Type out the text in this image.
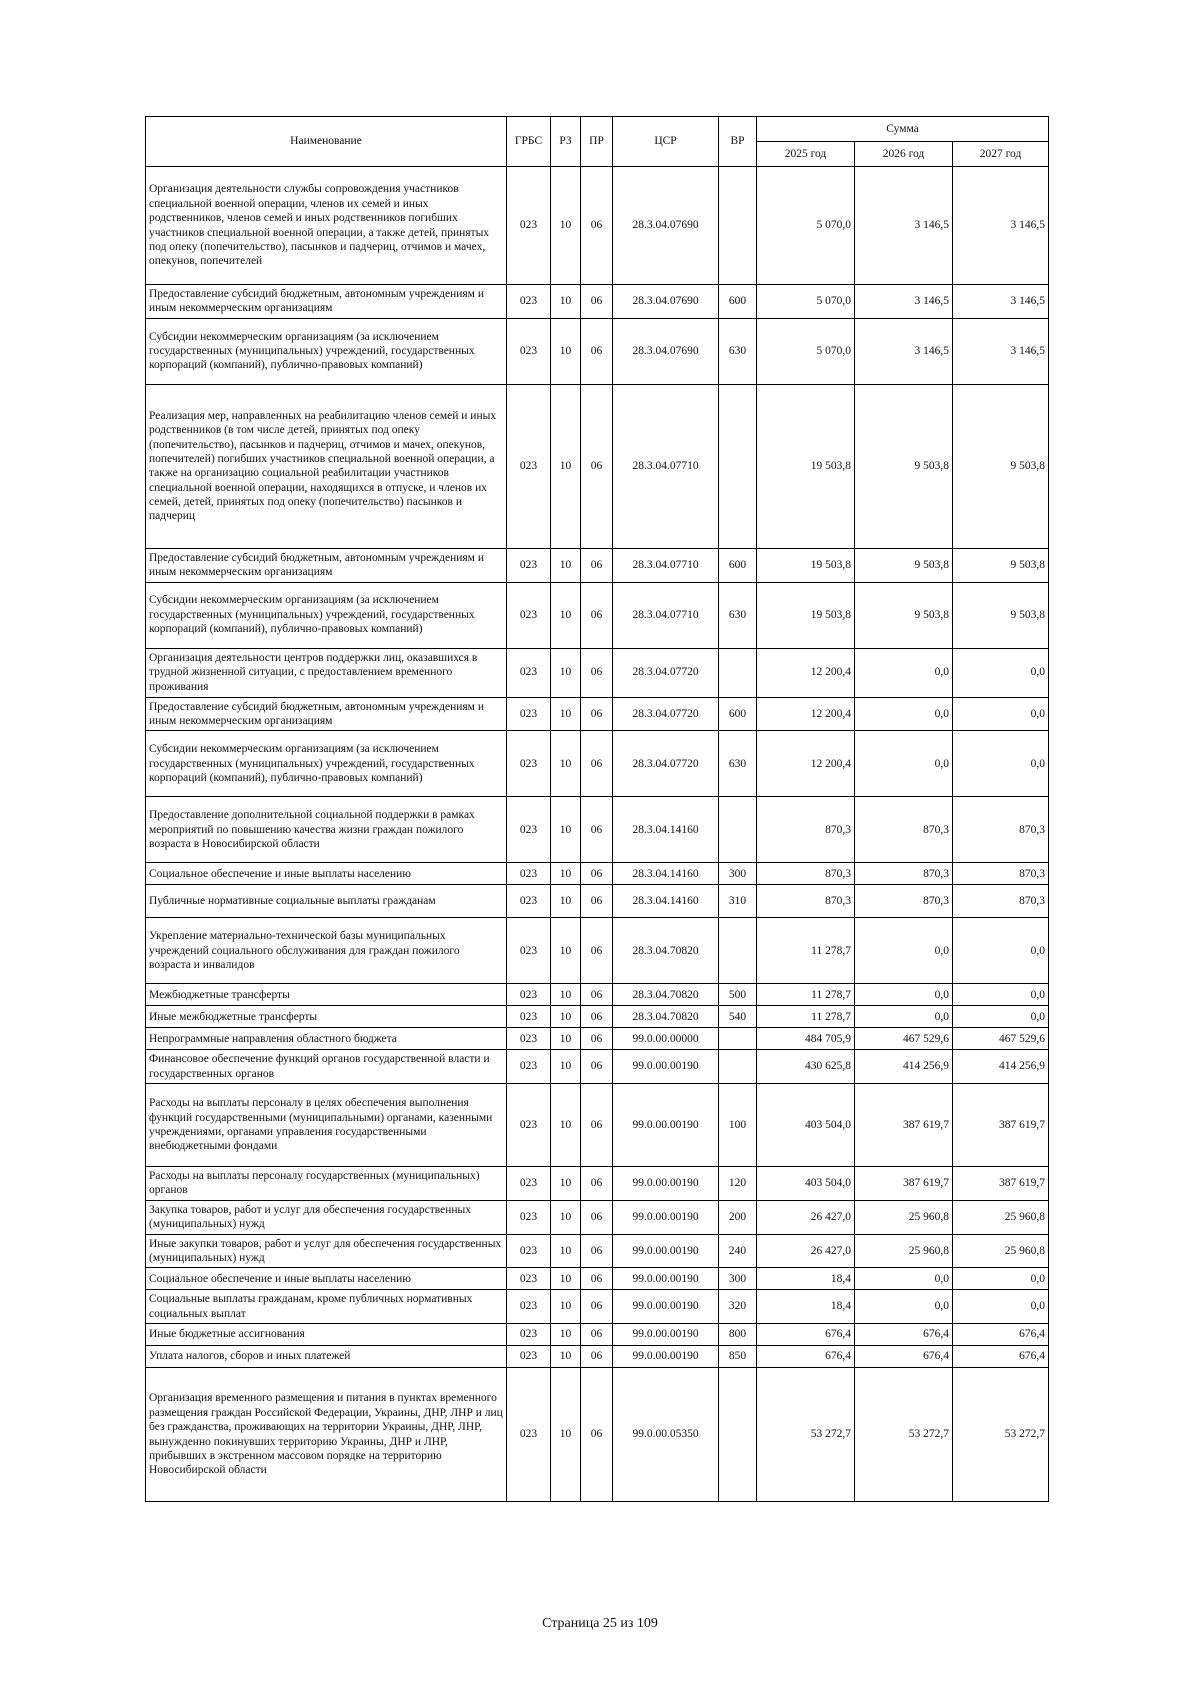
Наименование	ГРБС	РЗ	ПР	ЦСР	ВР	Сумма		
						2025 год	2026 год	2027 год
Организация деятельности службы сопровождения участников специальной военной операции, членов их семей и иных родственников, членов семей и иных родственников погибших участников специальной военной операции, а также детей, принятых под опеку (попечительство), пасынков и падчериц, отчимов и мачех, опекунов, попечителей	023	10	06	28.3.04.07690		5 070,0	3 146,5	3 146,5
Предоставление субсидий бюджетным, автономным учреждениям и иным некоммерческим организациям	023	10	06	28.3.04.07690	600	5 070,0	3 146,5	3 146,5
Субсидии некоммерческим организациям (за исключением государственных (муниципальных) учреждений, государственных корпораций (компаний), публично-правовых компаний)	023	10	06	28.3.04.07690	630	5 070,0	3 146,5	3 146,5
Реализация мер, направленных на реабилитацию членов семей и иных родственников (в том числе детей, принятых под опеку (попечительство), пасынков и падчериц, отчимов и мачех, опекунов, попечителей) погибших участников специальной военной операции, а также на организацию социальной реабилитации участников специальной военной операции, находящихся в отпуске, и членов их семей, детей, принятых под опеку (попечительство) пасынков и падчериц	023	10	06	28.3.04.07710		19 503,8	9 503,8	9 503,8
Предоставление субсидий бюджетным, автономным учреждениям и иным некоммерческим организациям	023	10	06	28.3.04.07710	600	19 503,8	9 503,8	9 503,8
Субсидии некоммерческим организациям (за исключением государственных (муниципальных) учреждений, государственных корпораций (компаний), публично-правовых компаний)	023	10	06	28.3.04.07710	630	19 503,8	9 503,8	9 503,8
Организация деятельности центров поддержки лиц, оказавшихся в трудной жизненной ситуации, с предоставлением временного проживания	023	10	06	28.3.04.07720		12 200,4	0,0	0,0
Предоставление субсидий бюджетным, автономным учреждениям и иным некоммерческим организациям	023	10	06	28.3.04.07720	600	12 200,4	0,0	0,0
Субсидии некоммерческим организациям (за исключением государственных (муниципальных) учреждений, государственных корпораций (компаний), публично-правовых компаний)	023	10	06	28.3.04.07720	630	12 200,4	0,0	0,0
Предоставление дополнительной социальной поддержки в рамках мероприятий по повышению качества жизни граждан пожилого возраста в Новосибирской области	023	10	06	28.3.04.14160		870,3	870,3	870,3
Социальное обеспечение и иные выплаты населению	023	10	06	28.3.04.14160	300	870,3	870,3	870,3
Публичные нормативные социальные выплаты гражданам	023	10	06	28.3.04.14160	310	870,3	870,3	870,3
Укрепление материально-технической базы муниципальных учреждений социального обслуживания для граждан пожилого возраста и инвалидов	023	10	06	28.3.04.70820		11 278,7	0,0	0,0
Межбюджетные трансферты	023	10	06	28.3.04.70820	500	11 278,7	0,0	0,0
Иные межбюджетные трансферты	023	10	06	28.3.04.70820	540	11 278,7	0,0	0,0
Непрограммные направления областного бюджета	023	10	06	99.0.00.00000		484 705,9	467 529,6	467 529,6
Финансовое обеспечение функций органов государственной власти и государственных органов	023	10	06	99.0.00.00190		430 625,8	414 256,9	414 256,9
Расходы на выплаты персоналу в целях обеспечения выполнения функций государственными (муниципальными) органами, казенными учреждениями, органами управления государственными внебюджетными фондами	023	10	06	99.0.00.00190	100	403 504,0	387 619,7	387 619,7
Расходы на выплаты персоналу государственных (муниципальных) органов	023	10	06	99.0.00.00190	120	403 504,0	387 619,7	387 619,7
Закупка товаров, работ и услуг для обеспечения государственных (муниципальных) нужд	023	10	06	99.0.00.00190	200	26 427,0	25 960,8	25 960,8
Иные закупки товаров, работ и услуг для обеспечения государственных (муниципальных) нужд	023	10	06	99.0.00.00190	240	26 427,0	25 960,8	25 960,8
Социальное обеспечение и иные выплаты населению	023	10	06	99.0.00.00190	300	18,4	0,0	0,0
Социальные выплаты гражданам, кроме публичных нормативных социальных выплат	023	10	06	99.0.00.00190	320	18,4	0,0	0,0
Иные бюджетные ассигнования	023	10	06	99.0.00.00190	800	676,4	676,4	676,4
Уплата налогов, сборов и иных платежей	023	10	06	99.0.00.00190	850	676,4	676,4	676,4
Организация временного размещения и питания в пунктах временного размещения граждан Российской Федерации, Украины, ДНР, ЛНР и лиц без гражданства, проживающих на территории Украины, ДНР, ЛНР, вынужденно покинувших территорию Украины, ДНР и ЛНР, прибывших в экстренном массовом порядке на территорию Новосибирской области	023	10	06	99.0.00.05350		53 272,7	53 272,7	53 272,7
Страница 25 из 109
